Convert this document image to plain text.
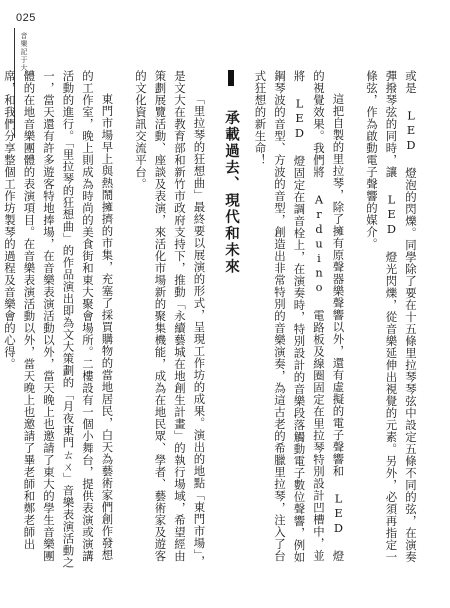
025
音樂記于大

或是 LED 燈泡的閃爍。同學除了要在十五條里拉琴琴弦中設定五條不同的弦，在演奏彈撥琴弦的同時，讓 LED 燈光閃爍，從音樂延伸出視覺的元素。另外，必須再指定一條弦，作為啟動電子聲響的媒介。

這把自製的里拉琴，除了擁有原聲器樂聲響以外，還有虛擬的電子聲響和 LED 燈的視覺效果。我們將 Arduino 電路板及線圈固定在里拉琴特別設計凹槽中，並將 LED 燈固定在調音栓上，在演奏時，特別設計的音樂段落觸動電子數位聲響，例如鋼琴波的音型、方波的音型，創造出非常特別的音樂演奏，為這古老的希臘里拉琴，注入了台式狂想的新生命！

承載過去、現代和未來

「里拉琴的狂想曲」最終要以展演的形式，呈現工作坊的成果。演出的地點「東門市場」，是文大在教育部和新竹市政府支持下，推動「永續藝城在地創生計畫」的執行場域，希望經由策劃展覽活動、座談及表演，來活化市場新的聚集機能，成為在地民眾、學者、藝術家及遊客的文化資訊交流平台。

東門市場早上與熱鬧擁擠的市集，充塞了採買購物的當地居民，白天為藝術家們創作發想的工作室，晚上則成為時尚的美食街和東大聚會場所。二樓設有一個小舞台，提供表演或演講活動的進行。「里拉琴的狂想曲」的作品演出即為文大策劃的「月夜東門ㄊㄨ」音樂表演活動之一，當天還有許多遊客特地捧場，在音樂表演活動以外，當天晚上也邀請了東大的學生音樂團體的在地音樂團體的表演項目。在音樂表演活動以外，當天晚上也邀請了畢老師和鄭老師出席，和我們分享整個工作坊製琴的過程及音樂會的心得。
